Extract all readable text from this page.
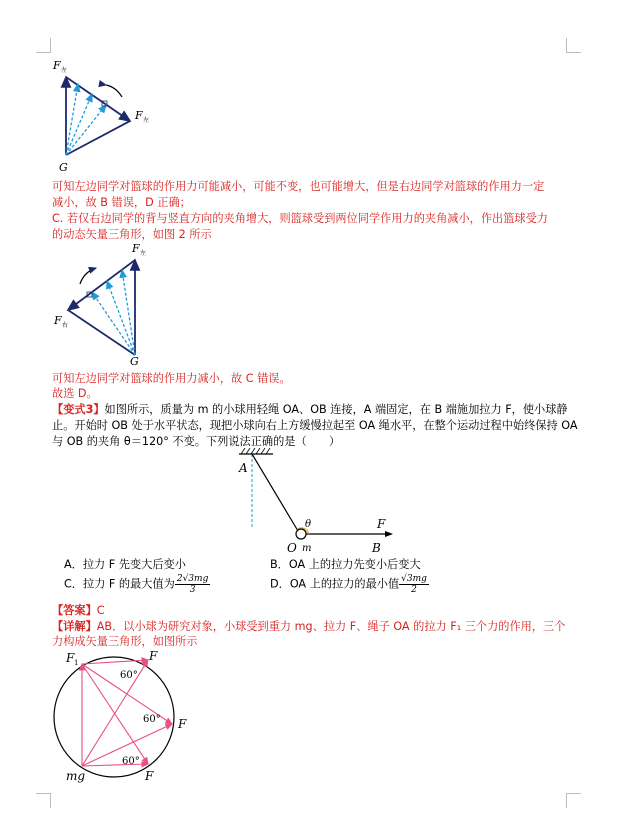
F 左
F 左
G
可知左边同学对篮球的作用力可能减小，可能不变，也可能增大，但是右边同学对篮球的作用力一定
减小，故 B 错误，D 正确；
C. 若仅右边同学的背与竖直方向的夹角增大，则篮球受到两位同学作用力的夹角减小，作出篮球受力
的动态矢量三角形，如图 2 所示
F 左
F 右
G
可知左边同学对篮球的作用力减小，故 C 错误。
故选 D。
【变式3】如图所示，质量为 m 的小球用轻绳 OA、OB 连接，A 端固定，在 B 端施加拉力 F，使小球静
止。开始时 OB 处于水平状态，现把小球向右上方缓慢拉起至 OA 绳水平，在整个运动过程中始终保持 OA
与 OB 的夹角 θ＝120° 不变。下列说法正确的是（　　）
A
θ	F
O m	B
A．拉力 F 先变大后变小	B．OA 上的拉力先变小后变大
C．拉力 F 的最大值为 $\frac{2√3mg}{3}$	D．OA 上的拉力的最小值 $\frac{√3mg}{2}$
【答案】C
【详解】AB．以小球为研究对象，小球受到重力 mg、拉力 F、绳子 OA 的拉力 F₁ 三个力的作用，三个
力构成矢量三角形，如图所示
F 1	F
F
F
mg
60°
60°
60°
